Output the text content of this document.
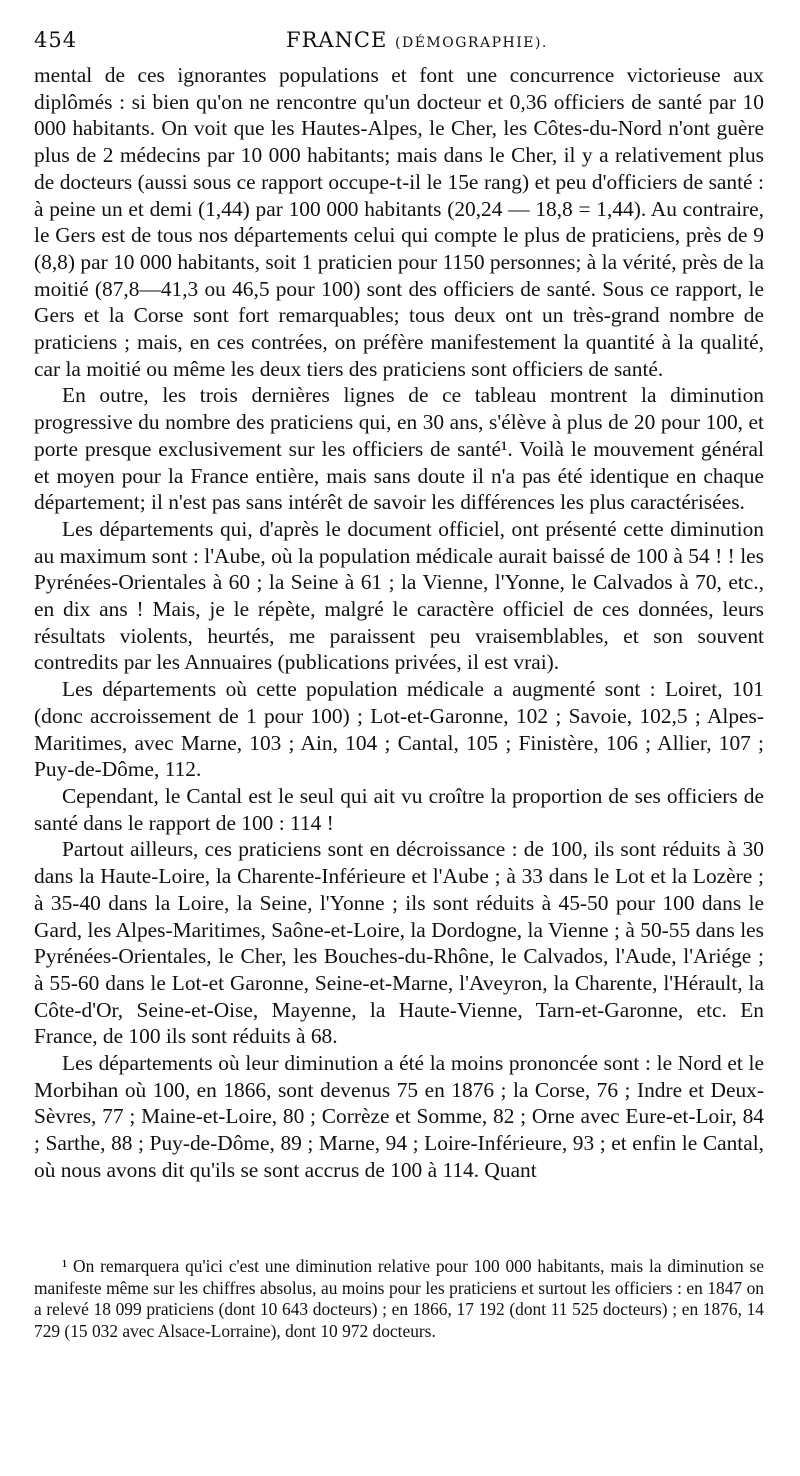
454	FRANCE (DÉMOGRAPHIE).

mental de ces ignorantes populations et font une concurrence victorieuse aux diplômés : si bien qu'on ne rencontre qu'un docteur et 0,36 officiers de santé par 10 000 habitants. On voit que les Hautes-Alpes, le Cher, les Côtes-du-Nord n'ont guère plus de 2 médecins par 10 000 habitants; mais dans le Cher, il y a relativement plus de docteurs (aussi sous ce rapport occupe-t-il le 15e rang) et peu d'officiers de santé : à peine un et demi (1,44) par 100 000 habitants (20,24 — 18,8 = 1,44). Au contraire, le Gers est de tous nos départements celui qui compte le plus de praticiens, près de 9 (8,8) par 10 000 habitants, soit 1 praticien pour 1150 personnes; à la vérité, près de la moitié (87,8—41,3 ou 46,5 pour 100) sont des officiers de santé. Sous ce rapport, le Gers et la Corse sont fort remarquables; tous deux ont un très-grand nombre de praticiens ; mais, en ces contrées, on préfère manifestement la quantité à la qualité, car la moitié ou même les deux tiers des praticiens sont officiers de santé.

En outre, les trois dernières lignes de ce tableau montrent la diminution progressive du nombre des praticiens qui, en 30 ans, s'élève à plus de 20 pour 100, et porte presque exclusivement sur les officiers de santé¹. Voilà le mouvement général et moyen pour la France entière, mais sans doute il n'a pas été identique en chaque département; il n'est pas sans intérêt de savoir les différences les plus caractérisées.

Les départements qui, d'après le document officiel, ont présenté cette diminution au maximum sont : l'Aube, où la population médicale aurait baissé de 100 à 54 ! ! les Pyrénées-Orientales à 60 ; la Seine à 61 ; la Vienne, l'Yonne, le Calvados à 70, etc., en dix ans ! Mais, je le répète, malgré le caractère officiel de ces données, leurs résultats violents, heurtés, me paraissent peu vraisemblables, et son souvent contredits par les Annuaires (publications privées, il est vrai).

Les départements où cette population médicale a augmenté sont : Loiret, 101 (donc accroissement de 1 pour 100) ; Lot-et-Garonne, 102 ; Savoie, 102,5 ; Alpes-Maritimes, avec Marne, 103 ; Ain, 104 ; Cantal, 105 ; Finistère, 106 ; Allier, 107 ; Puy-de-Dôme, 112.

Cependant, le Cantal est le seul qui ait vu croître la proportion de ses officiers de santé dans le rapport de 100 : 114 !

Partout ailleurs, ces praticiens sont en décroissance : de 100, ils sont réduits à 30 dans la Haute-Loire, la Charente-Inférieure et l'Aube ; à 33 dans le Lot et la Lozère ; à 35-40 dans la Loire, la Seine, l'Yonne ; ils sont réduits à 45-50 pour 100 dans le Gard, les Alpes-Maritimes, Saône-et-Loire, la Dordogne, la Vienne ; à 50-55 dans les Pyrénées-Orientales, le Cher, les Bouches-du-Rhône, le Calvados, l'Aude, l'Ariége ; à 55-60 dans le Lot-et Garonne, Seine-et-Marne, l'Aveyron, la Charente, l'Hérault, la Côte-d'Or, Seine-et-Oise, Mayenne, la Haute-Vienne, Tarn-et-Garonne, etc. En France, de 100 ils sont réduits à 68.

Les départements où leur diminution a été la moins prononcée sont : le Nord et le Morbihan où 100, en 1866, sont devenus 75 en 1876 ; la Corse, 76 ; Indre et Deux-Sèvres, 77 ; Maine-et-Loire, 80 ; Corrèze et Somme, 82 ; Orne avec Eure-et-Loir, 84 ; Sarthe, 88 ; Puy-de-Dôme, 89 ; Marne, 94 ; Loire-Inférieure, 93 ; et enfin le Cantal, où nous avons dit qu'ils se sont accrus de 100 à 114. Quant

¹ On remarquera qu'ici c'est une diminution relative pour 100 000 habitants, mais la diminution se manifeste même sur les chiffres absolus, au moins pour les praticiens et surtout les officiers : en 1847 on a relevé 18 099 praticiens (dont 10 643 docteurs) ; en 1866, 17 192 (dont 11 525 docteurs) ; en 1876, 14 729 (15 032 avec Alsace-Lorraine), dont 10 972 docteurs.
